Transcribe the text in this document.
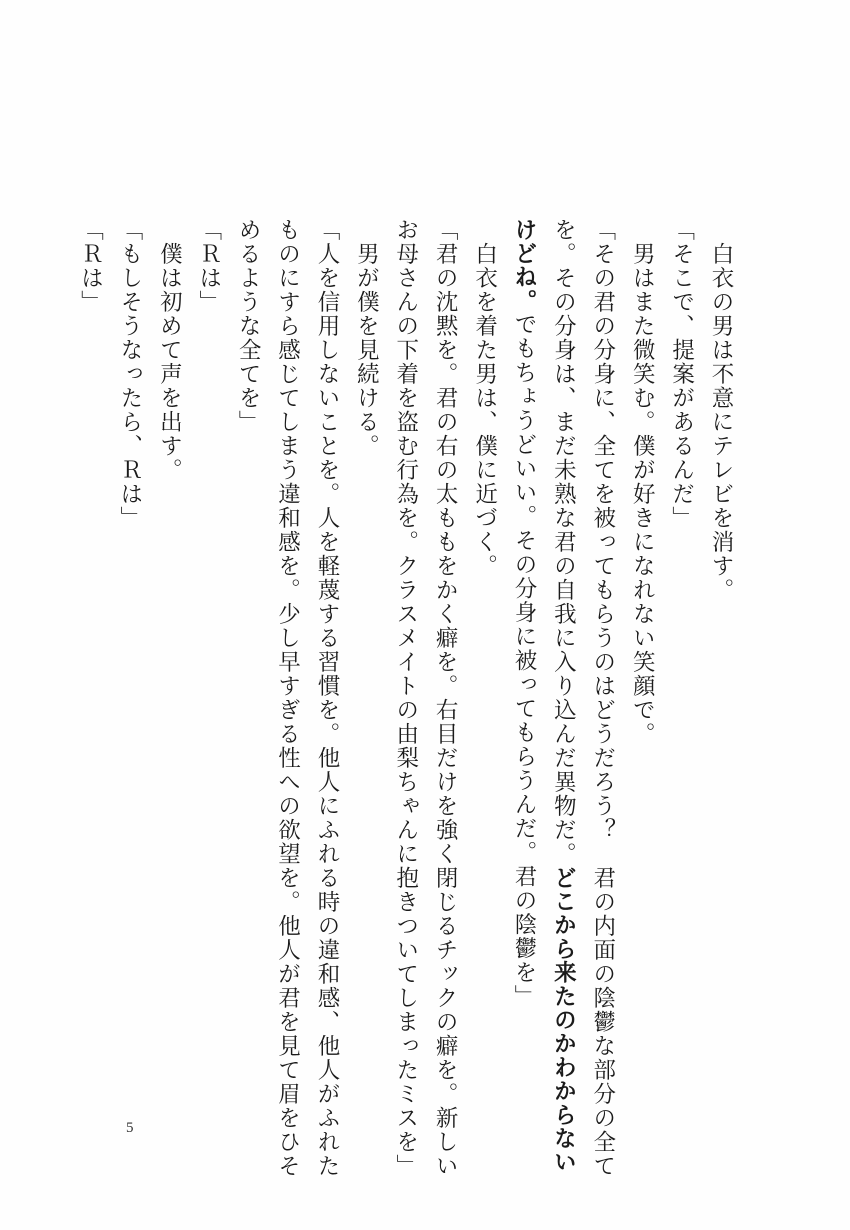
　白衣の男は不意にテレビを消す。
「そこで、提案があるんだ」
　男はまた微笑む。僕が好きになれない笑顔で。
「その君の分身に、全てを被ってもらうのはどうだろう？　君の内面の陰鬱な部分の全て
を。その分身は、まだ未熟な君の自我に入り込んだ異物だ。どこから来たのかわからない
けどね。でもちょうどいい。その分身に被ってもらうんだ。君の陰鬱を」
　白衣を着た男は、僕に近づく。
「君の沈黙を。君の右の太ももをかく癖を。右目だけを強く閉じるチックの癖を。新しい
お母さんの下着を盗む行為を。クラスメイトの由梨ちゃんに抱きついてしまったミスを」
　男が僕を見続ける。
「人を信用しないことを。人を軽蔑する習慣を。他人にふれる時の違和感、他人がふれた
ものにすら感じてしまう違和感を。少し早すぎる性への欲望を。他人が君を見て眉をひそ
めるような全てを」
「Ｒは」
　僕は初めて声を出す。
「もしそうなったら、Ｒは」
「Ｒは」
5
